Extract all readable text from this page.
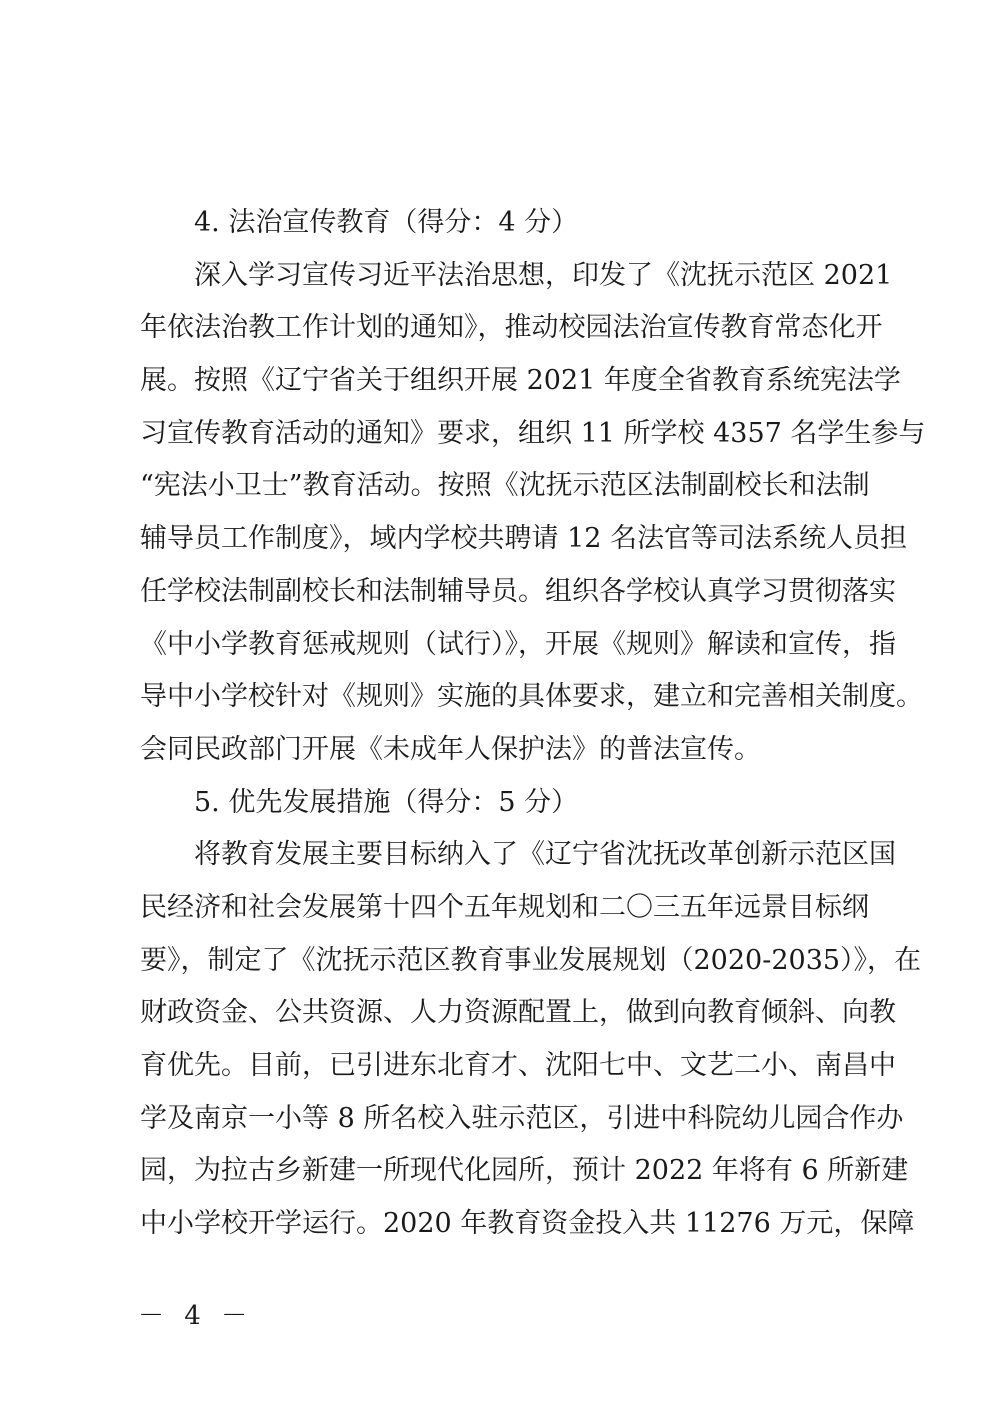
4. 法治宣传教育（得分：4 分）
深入学习宣传习近平法治思想，印发了《沈抚示范区 2021
年依法治教工作计划的通知》，推动校园法治宣传教育常态化开
展。按照《辽宁省关于组织开展 2021 年度全省教育系统宪法学
习宣传教育活动的通知》要求，组织 11 所学校 4357 名学生参与
“宪法小卫士”教育活动。按照《沈抚示范区法制副校长和法制
辅导员工作制度》，域内学校共聘请 12 名法官等司法系统人员担
任学校法制副校长和法制辅导员。组织各学校认真学习贯彻落实
《中小学教育惩戒规则（试行）》，开展《规则》解读和宣传，指
导中小学校针对《规则》实施的具体要求，建立和完善相关制度。
会同民政部门开展《未成年人保护法》的普法宣传。
5. 优先发展措施（得分：5 分）
将教育发展主要目标纳入了《辽宁省沈抚改革创新示范区国
民经济和社会发展第十四个五年规划和二〇三五年远景目标纲
要》，制定了《沈抚示范区教育事业发展规划（2020-2035）》，在
财政资金、公共资源、人力资源配置上，做到向教育倾斜、向教
育优先。目前，已引进东北育才、沈阳七中、文艺二小、南昌中
学及南京一小等 8 所名校入驻示范区，引进中科院幼儿园合作办
园，为拉古乡新建一所现代化园所，预计 2022 年将有 6 所新建
中小学校开学运行。2020 年教育资金投入共 11276 万元，保障
－ 4 －
